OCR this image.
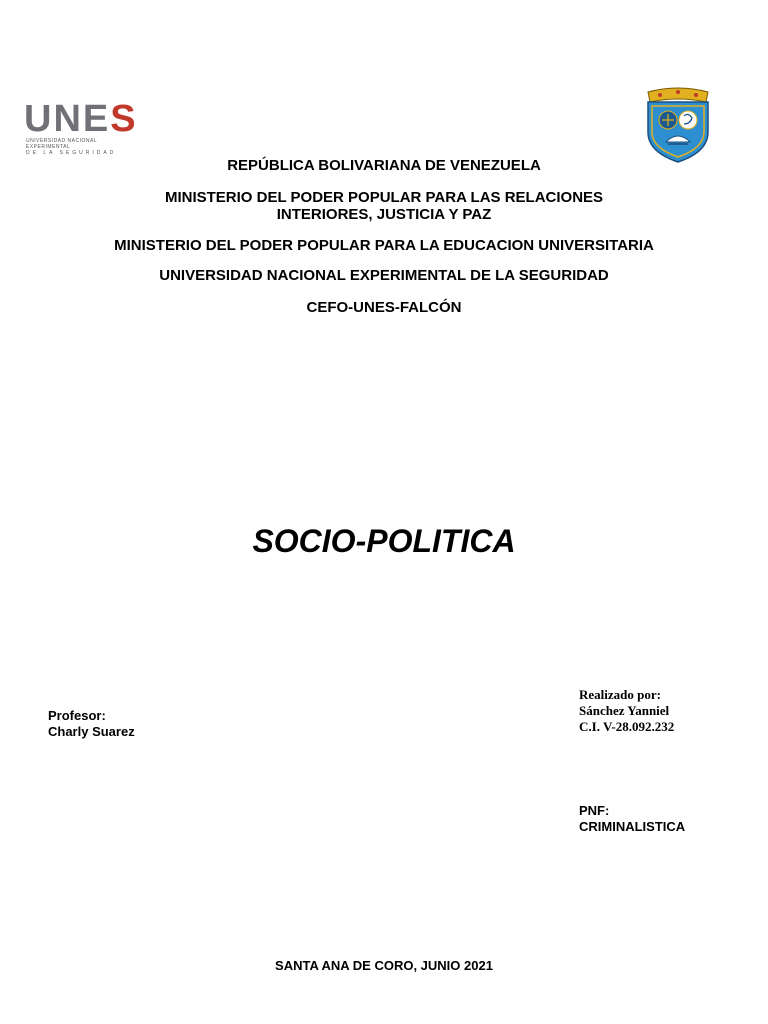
UNES
UNIVERSIDAD NACIONAL EXPERIMENTAL
DE LA SEGURIDAD
REPÚBLICA BOLIVARIANA DE VENEZUELA
MINISTERIO DEL PODER POPULAR PARA LAS RELACIONES
INTERIORES, JUSTICIA Y PAZ
MINISTERIO DEL PODER POPULAR PARA LA EDUCACION UNIVERSITARIA
UNIVERSIDAD NACIONAL EXPERIMENTAL DE LA SEGURIDAD
CEFO-UNES-FALCÓN
SOCIO-POLITICA
Profesor:
Charly Suarez
Realizado por:
Sánchez Yanniel
C.I. V-28.092.232
PNF:
CRIMINALISTICA
SANTA ANA DE CORO, JUNIO 2021
